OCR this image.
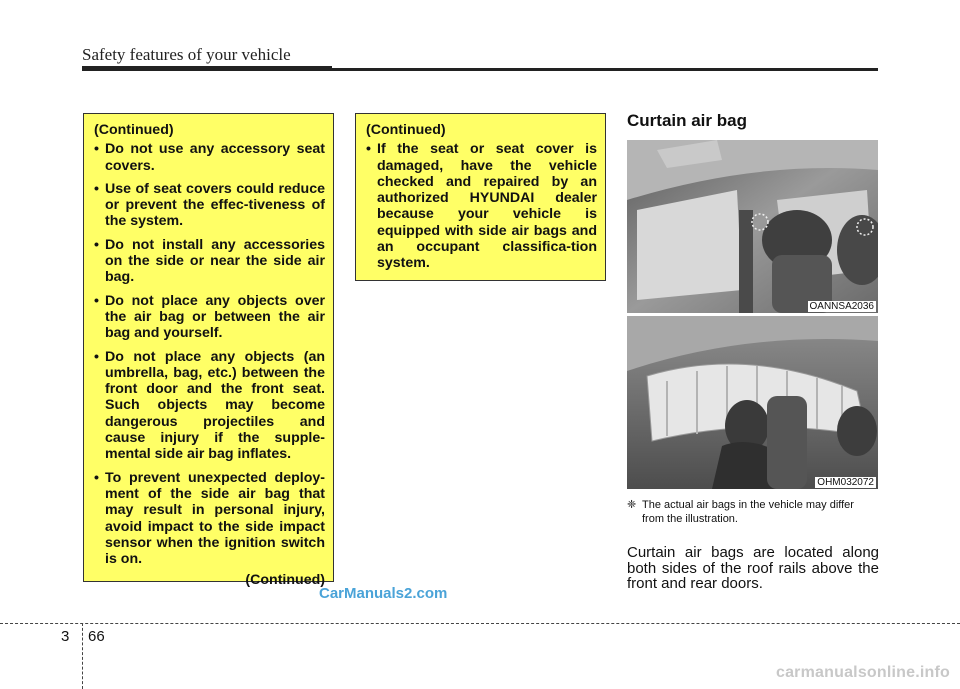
Safety features of your vehicle
(Continued)
• Do not use any accessory seat covers.
• Use of seat covers could reduce or prevent the effec-tiveness of the system.
• Do not install any accessories on the side or near the side air bag.
• Do not place any objects over the air bag or between the air bag and yourself.
• Do not place any objects (an umbrella, bag, etc.) between the front door and the front seat. Such objects may become dangerous projectiles and cause injury if the supple-mental side air bag inflates.
• To prevent unexpected deploy-ment of the side air bag that may result in personal injury, avoid impact to the side impact sensor when the ignition switch is on.
(Continued)
(Continued)
• If the seat or seat cover is damaged, have the vehicle checked and repaired by an authorized HYUNDAI dealer because your vehicle is equipped with side air bags and an occupant classifica-tion system.
Curtain air bag
OANNSA2036
OHM032072
❈ The actual air bags in the vehicle may differ from the illustration.
Curtain air bags are located along both sides of the roof rails above the front and rear doors.
CarManuals2.com
3 66
carmanualsonline.info
